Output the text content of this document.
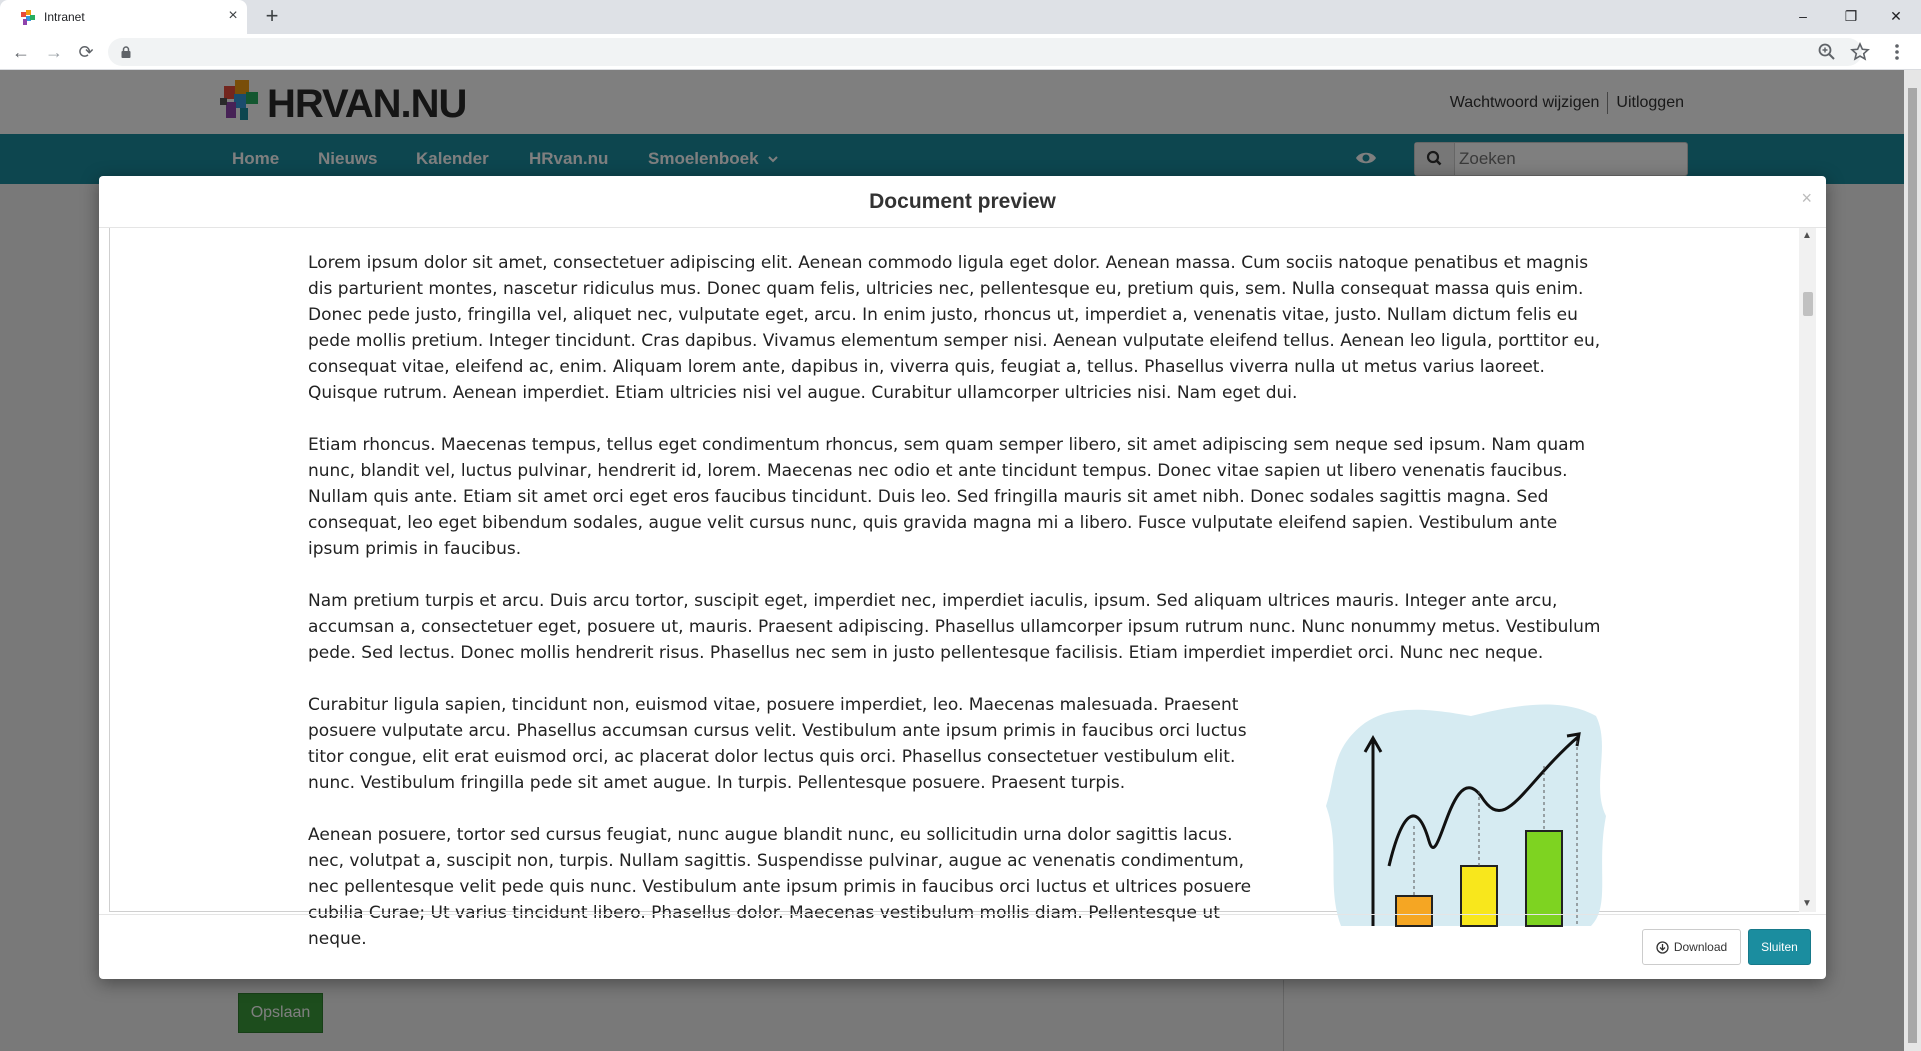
Intranet	× +	–	❐	✕
← → ⟳
Zoeken
Document preview	×

Lorem ipsum dolor sit amet, consectetuer adipiscing elit. Aenean commodo ligula eget dolor. Aenean massa. Cum sociis natoque penatibus et magnis dis parturient montes, nascetur ridiculus mus. Donec quam felis, ultricies nec, pellentesque eu, pretium quis, sem. Nulla consequat massa quis enim. Donec pede justo, fringilla vel, aliquet nec, vulputate eget, arcu. In enim justo, rhoncus ut, imperdiet a, venenatis vitae, justo. Nullam dictum felis eu pede mollis pretium. Integer tincidunt. Cras dapibus. Vivamus elementum semper nisi. Aenean vulputate eleifend tellus. Aenean leo ligula, porttitor eu, consequat vitae, eleifend ac, enim. Aliquam lorem ante, dapibus in, viverra quis, feugiat a, tellus. Phasellus viverra nulla ut metus varius laoreet. Quisque rutrum. Aenean imperdiet. Etiam ultricies nisi vel augue. Curabitur ullamcorper ultricies nisi. Nam eget dui.

Etiam rhoncus. Maecenas tempus, tellus eget condimentum rhoncus, sem quam semper libero, sit amet adipiscing sem neque sed ipsum. Nam quam nunc, blandit vel, luctus pulvinar, hendrerit id, lorem. Maecenas nec odio et ante tincidunt tempus. Donec vitae sapien ut libero venenatis faucibus. Nullam quis ante. Etiam sit amet orci eget eros faucibus tincidunt. Duis leo. Sed fringilla mauris sit amet nibh. Donec sodales sagittis magna. Sed consequat, leo eget bibendum sodales, augue velit cursus nunc, quis gravida magna mi a libero. Fusce vulputate eleifend sapien. Vestibulum ante ipsum primis in faucibus.

Nam pretium turpis et arcu. Duis arcu tortor, suscipit eget, imperdiet nec, imperdiet iaculis, ipsum. Sed aliquam ultrices mauris. Integer ante arcu, accumsan a, consectetuer eget, posuere ut, mauris. Praesent adipiscing. Phasellus ullamcorper ipsum rutrum nunc. Nunc nonummy metus. Vestibulum pede. Sed lectus. Donec mollis hendrerit risus. Phasellus nec sem in justo pellentesque facilisis. Etiam imperdiet imperdiet orci. Nunc nec neque.

Curabitur ligula sapien, tincidunt non, euismod vitae, posuere imperdiet, leo. Maecenas malesuada. Praesent posuere vulputate arcu. Phasellus accumsan cursus velit. Vestibulum ante ipsum primis in faucibus orci luctus titor congue, elit erat euismod orci, ac placerat dolor lectus quis orci. Phasellus consectetuer vestibulum elit. nunc. Vestibulum fringilla pede sit amet augue. In turpis. Pellentesque posuere. Praesent turpis.

Aenean posuere, tortor sed cursus feugiat, nunc augue blandit nunc, eu sollicitudin urna dolor sagittis lacus. nec, volutpat a, suscipit non, turpis. Nullam sagittis. Suspendisse pulvinar, augue ac venenatis condimentum, nec pellentesque velit pede quis nunc. Vestibulum ante ipsum primis in faucibus orci luctus et ultrices posuere cubilia Curae; Ut varius tincidunt libero. Phasellus dolor. Maecenas vestibulum mollis diam. Pellentesque ut neque.

▲
▼
Download	Sluiten
